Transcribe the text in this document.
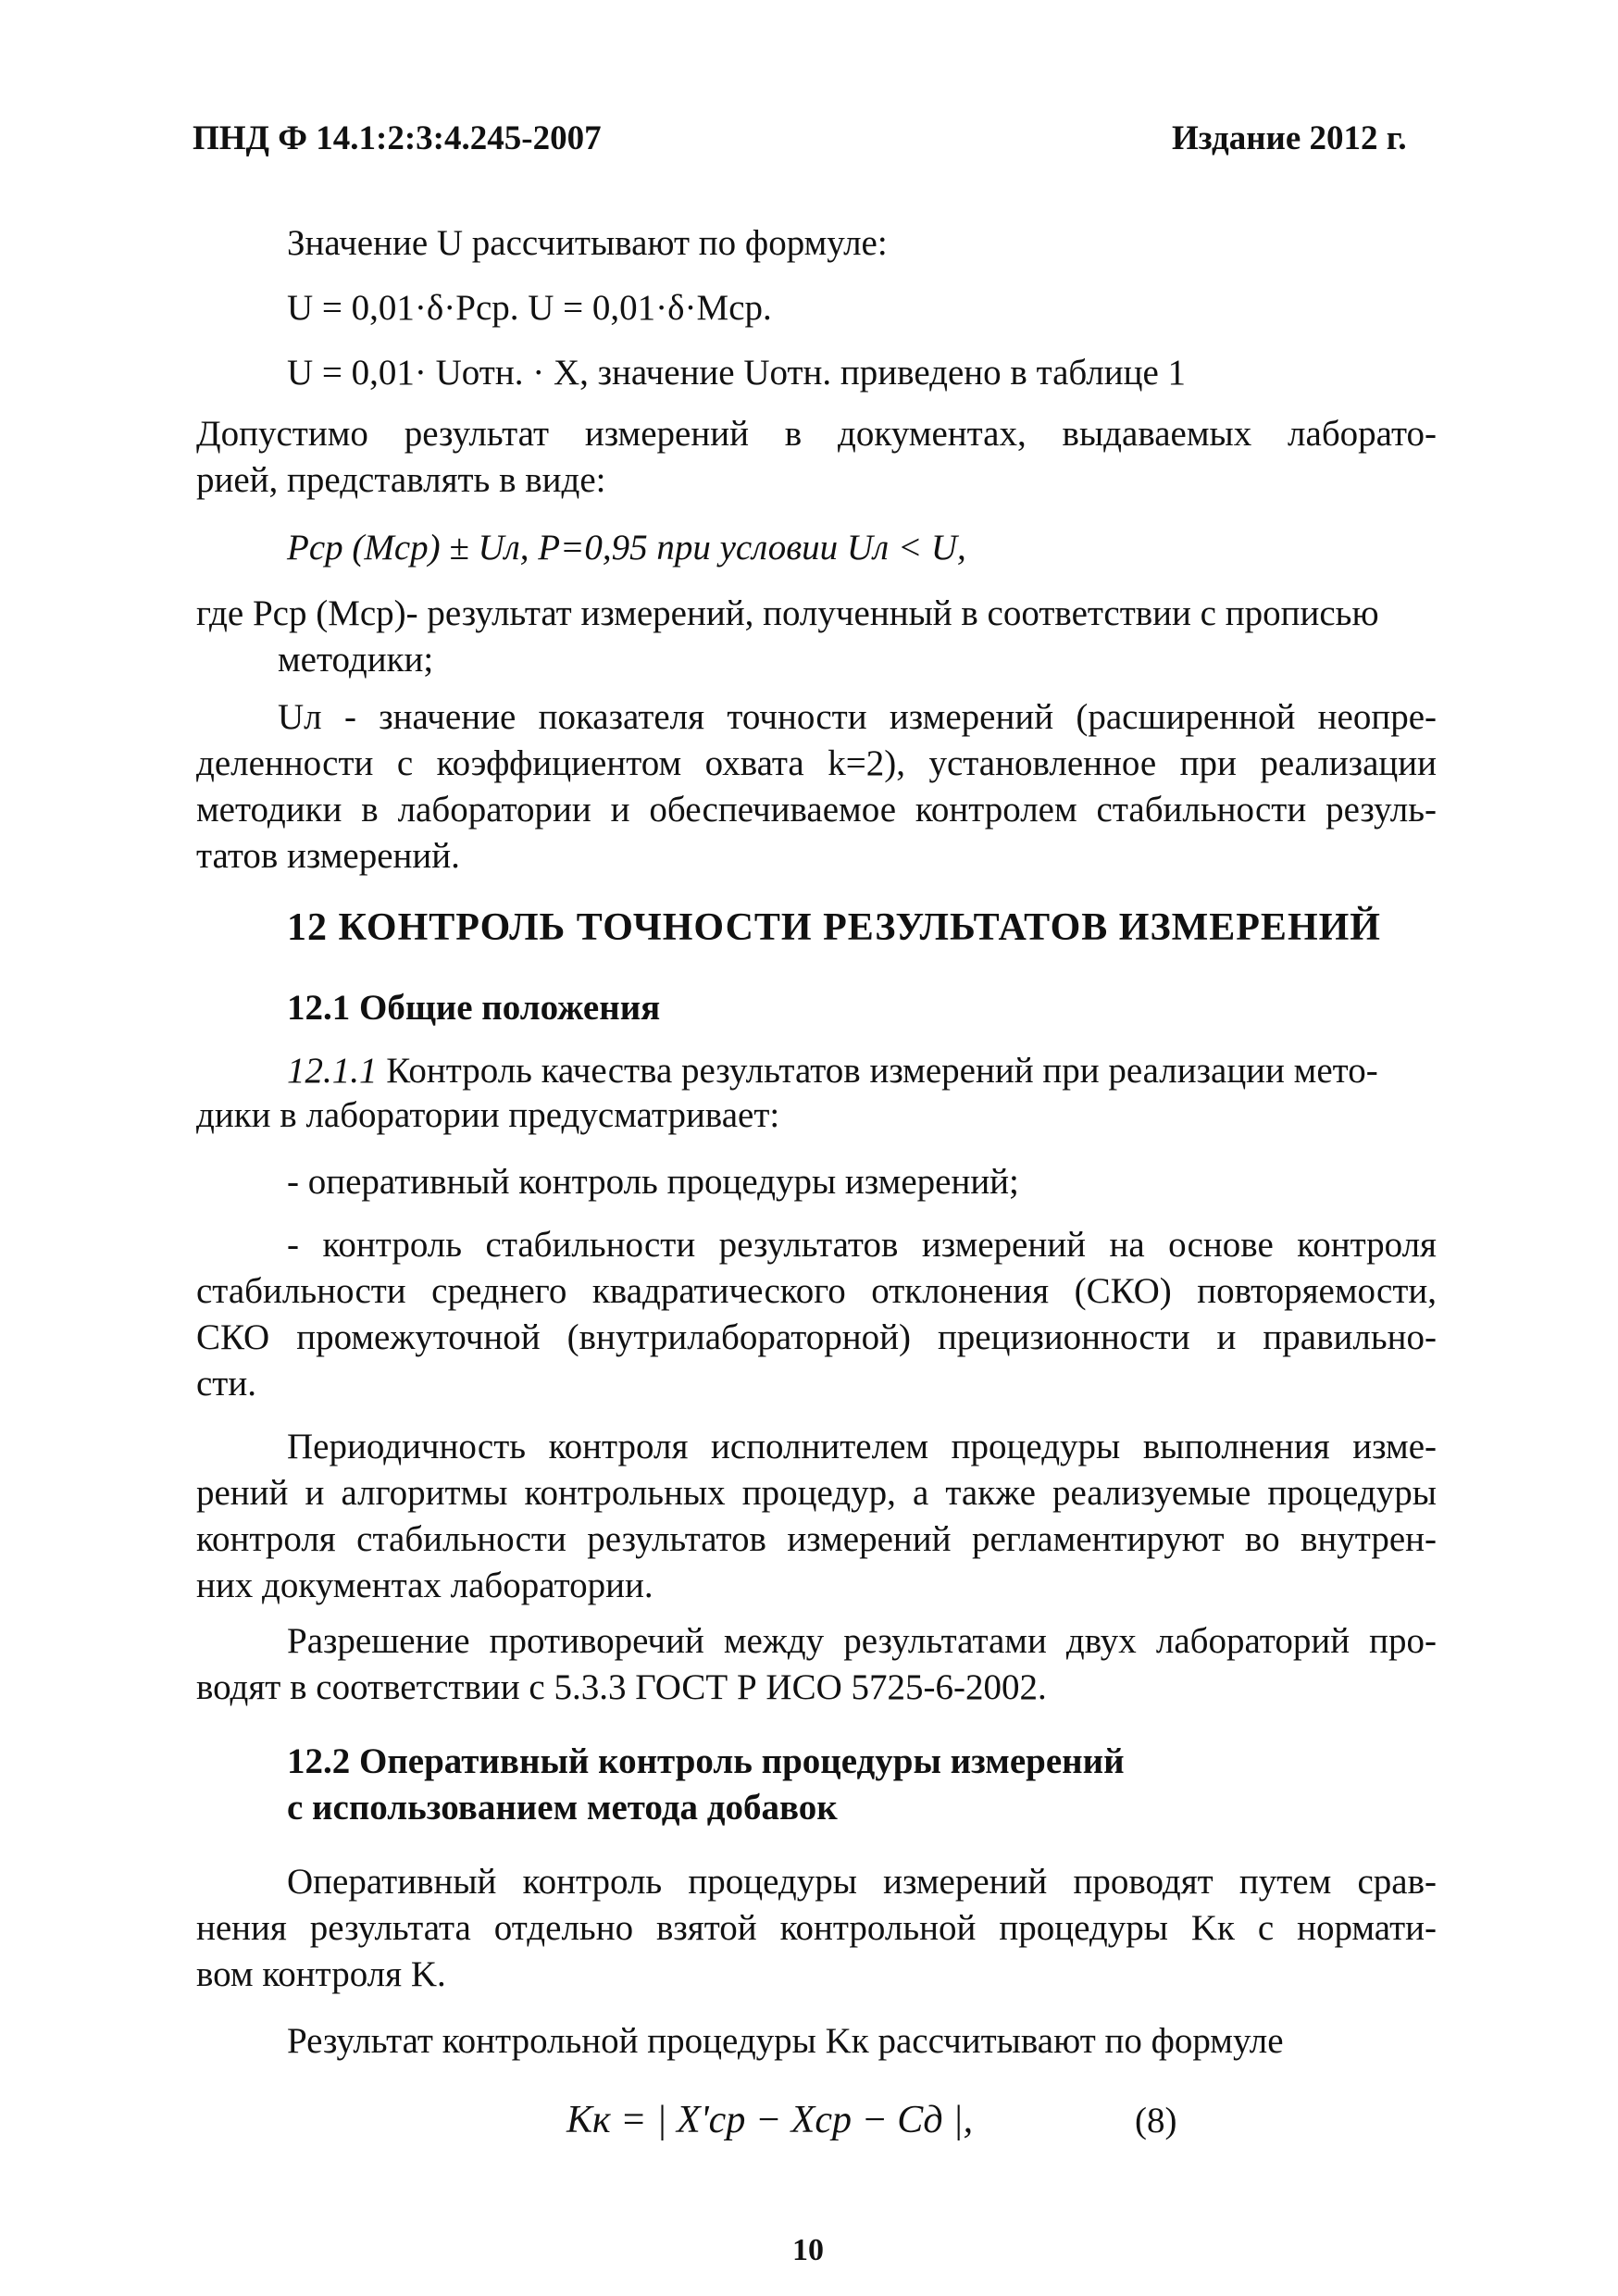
ПНД Ф 14.1:2:3:4.245-2007	Издание 2012 г.
Значение U рассчитывают по формуле:
U = 0,01·δ·Pср. U = 0,01·δ·Mср.
U = 0,01· Uотн. · X, значение Uотн. приведено в таблице 1
Допустимо результат измерений в документах, выдаваемых лаборато-
рией, представлять в виде:
Pср (Mср) ± Uл, P=0,95 при условии Uл < U,
где Pср (Mср)- результат измерений, полученный в соответствии с прописью
методики;
Uл - значение показателя точности измерений (расширенной неопре-
деленности с коэффициентом охвата k=2), установленное при реализации
методики в лаборатории и обеспечиваемое контролем стабильности резуль-
татов измерений.
12 КОНТРОЛЬ ТОЧНОСТИ РЕЗУЛЬТАТОВ ИЗМЕРЕНИЙ
12.1 Общие положения
12.1.1 Контроль качества результатов измерений при реализации мето-
дики в лаборатории предусматривает:
- оперативный контроль процедуры измерений;
- контроль стабильности результатов измерений на основе контроля
стабильности среднего квадратического отклонения (СКО) повторяемости,
СКО промежуточной (внутрилабораторной) прецизионности и правильно-
сти.
Периодичность контроля исполнителем процедуры выполнения изме-
рений и алгоритмы контрольных процедур, а также реализуемые процедуры
контроля стабильности результатов измерений регламентируют во внутрен-
них документах лаборатории.
Разрешение противоречий между результатами двух лабораторий про-
водят в соответствии с 5.3.3 ГОСТ Р ИСО 5725-6-2002.
12.2 Оперативный контроль процедуры измерений
с использованием метода добавок
Оперативный контроль процедуры измерений проводят путем срав-
нения результата отдельно взятой контрольной процедуры Kк с нормати-
вом контроля K.
Результат контрольной процедуры Kк рассчитывают по формуле
Kк = | X'ср − Xср − Cд |,	(8)
10
